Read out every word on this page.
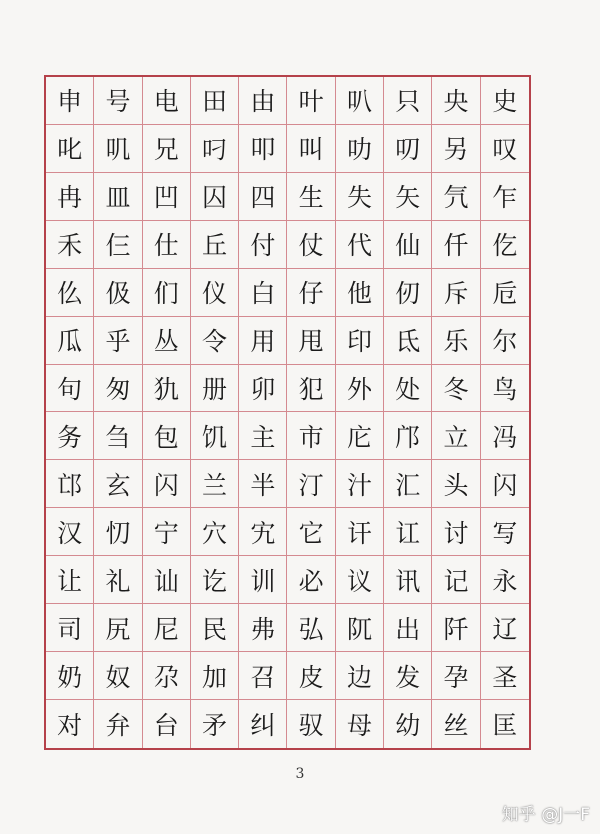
申 号 电 田 由 叶 叭 只 央 史
叱 叽 兄 叼 叩 叫 叻 叨 另 叹
冉 皿 凹 囚 四 生 失 矢 氕 乍
禾 仨 仕 丘 付 仗 代 仙 仟 仡
仫 伋 们 仪 白 仔 他 仞 斥 卮
瓜 乎 丛 令 用 甩 印 氐 乐 尔
句 匆 犰 册 卯 犯 外 处 冬 鸟
务 刍 包 饥 主 市 庀 邝 立 冯
邙 玄 闪 兰 半 汀 汁 汇 头 闪
汉 忉 宁 穴 宄 它 讦 讧 讨 写
让 礼 讪 讫 训 必 议 讯 记 永
司 尻 尼 民 弗 弘 阢 出 阡 辽
奶 奴 尕 加 召 皮 边 发 孕 圣
对 弁 台 矛 纠 驭 母 幼 丝 匡
3
知乎 @J一F
